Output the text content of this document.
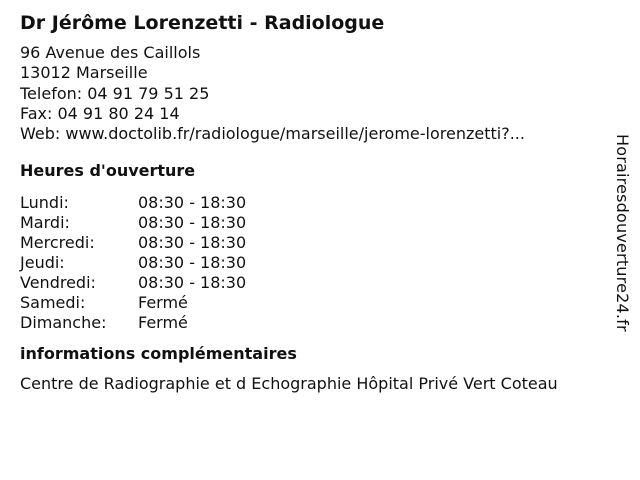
Dr Jérôme Lorenzetti - Radiologue
96 Avenue des Caillols
13012 Marseille
Telefon: 04 91 79 51 25
Fax: 04 91 80 24 14
Web: www.doctolib.fr/radiologue/marseille/jerome-lorenzetti?...
Heures d'ouverture
Lundi:	08:30 - 18:30
Mardi:	08:30 - 18:30
Mercredi:	08:30 - 18:30
Jeudi:	08:30 - 18:30
Vendredi:	08:30 - 18:30
Samedi:	Fermé
Dimanche:	Fermé
informations complémentaires
Centre de Radiographie et d Echographie Hôpital Privé Vert Coteau
Horairesdouverture24.fr
